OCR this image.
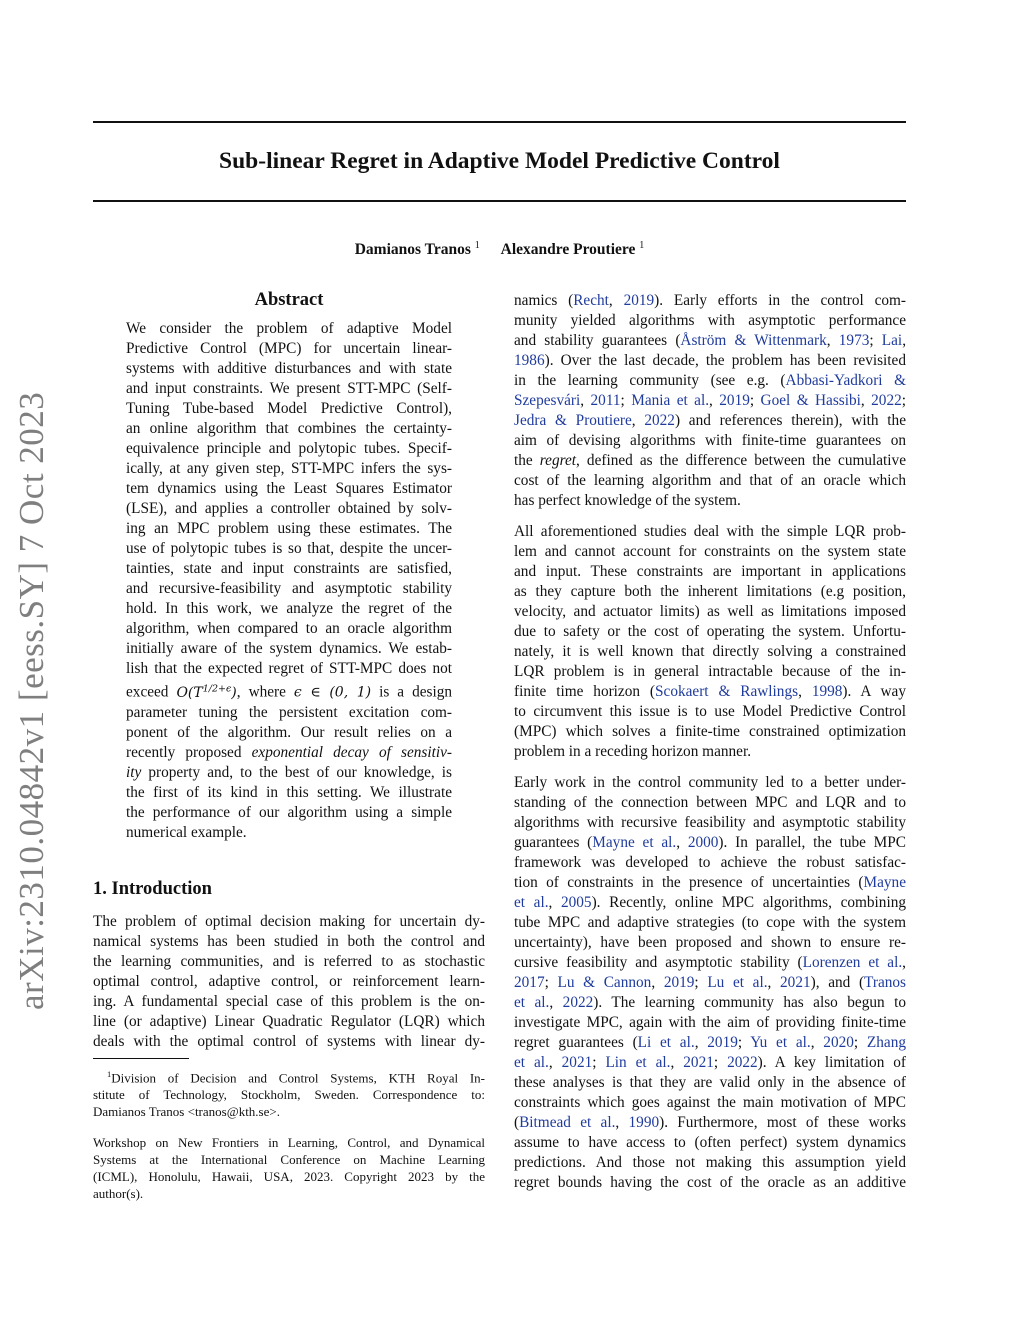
arXiv:2310.04842v1 [eess.SY] 7 Oct 2023
Sub-linear Regret in Adaptive Model Predictive Control
Damianos Tranos $^1$ Alexandre Proutiere $^1$
Abstract
We consider the problem of adaptive Model
Predictive Control (MPC) for uncertain linear-
systems with additive disturbances and with state
and input constraints. We present STT-MPC (Self-
Tuning Tube-based Model Predictive Control),
an online algorithm that combines the certainty-
equivalence principle and polytopic tubes. Specif-
ically, at any given step, STT-MPC infers the sys-
tem dynamics using the Least Squares Estimator
(LSE), and applies a controller obtained by solv-
ing an MPC problem using these estimates. The
use of polytopic tubes is so that, despite the uncer-
tainties, state and input constraints are satisfied,
and recursive-feasibility and asymptotic stability
hold. In this work, we analyze the regret of the
algorithm, when compared to an oracle algorithm
initially aware of the system dynamics. We estab-
lish that the expected regret of STT-MPC does not
exceed $O(T^{1/2+\epsilon})$, where ϵ ∈ (0, 1) is a design
parameter tuning the persistent excitation com-
ponent of the algorithm. Our result relies on a
recently proposed exponential decay of sensitiv-
ity property and, to the best of our knowledge, is
the first of its kind in this setting. We illustrate
the performance of our algorithm using a simple
numerical example.
1. Introduction
The problem of optimal decision making for uncertain dy-
namical systems has been studied in both the control and
the learning communities, and is referred to as stochastic
optimal control, adaptive control, or reinforcement learn-
ing. A fundamental special case of this problem is the on-
line (or adaptive) Linear Quadratic Regulator (LQR) which
deals with the optimal control of systems with linear dy-
$^1$Division of Decision and Control Systems, KTH Royal In-
stitute of Technology, Stockholm, Sweden. Correspondence to:
Damianos Tranos <tranos@kth.se>.
Workshop on New Frontiers in Learning, Control, and Dynamical
Systems at the International Conference on Machine Learning
(ICML), Honolulu, Hawaii, USA, 2023. Copyright 2023 by the
author(s).
namics (Recht, 2019). Early efforts in the control com-
munity yielded algorithms with asymptotic performance
and stability guarantees (Åström & Wittenmark, 1973; Lai,
1986). Over the last decade, the problem has been revisited
in the learning community (see e.g. (Abbasi-Yadkori &
Szepesvári, 2011; Mania et al., 2019; Goel & Hassibi, 2022;
Jedra & Proutiere, 2022) and references therein), with the
aim of devising algorithms with finite-time guarantees on
the regret, defined as the difference between the cumulative
cost of the learning algorithm and that of an oracle which
has perfect knowledge of the system.
All aforementioned studies deal with the simple LQR prob-
lem and cannot account for constraints on the system state
and input. These constraints are important in applications
as they capture both the inherent limitations (e.g position,
velocity, and actuator limits) as well as limitations imposed
due to safety or the cost of operating the system. Unfortu-
nately, it is well known that directly solving a constrained
LQR problem is in general intractable because of the in-
finite time horizon (Scokaert & Rawlings, 1998). A way
to circumvent this issue is to use Model Predictive Control
(MPC) which solves a finite-time constrained optimization
problem in a receding horizon manner.
Early work in the control community led to a better under-
standing of the connection between MPC and LQR and to
algorithms with recursive feasibility and asymptotic stability
guarantees (Mayne et al., 2000). In parallel, the tube MPC
framework was developed to achieve the robust satisfac-
tion of constraints in the presence of uncertainties (Mayne
et al., 2005). Recently, online MPC algorithms, combining
tube MPC and adaptive strategies (to cope with the system
uncertainty), have been proposed and shown to ensure re-
cursive feasibility and asymptotic stability (Lorenzen et al.,
2017; Lu & Cannon, 2019; Lu et al., 2021), and (Tranos
et al., 2022). The learning community has also begun to
investigate MPC, again with the aim of providing finite-time
regret guarantees (Li et al., 2019; Yu et al., 2020; Zhang
et al., 2021; Lin et al., 2021; 2022). A key limitation of
these analyses is that they are valid only in the absence of
constraints which goes against the main motivation of MPC
(Bitmead et al., 1990). Furthermore, most of these works
assume to have access to (often perfect) system dynamics
predictions. And those not making this assumption yield
regret bounds having the cost of the oracle as an additive
